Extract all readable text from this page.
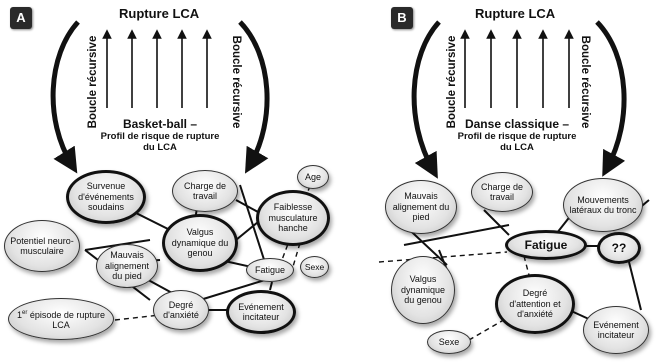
A	Rupture LCA
Boucle récursive	Boucle récursive
Basket-ball –
Profil de risque de rupture
du LCA
Survenue d'événements soudains
Charge de travail
Faiblesse musculature hanche
Age
Potentiel neuro-musculaire
Valgus dynamique du genou
Mauvais alignement du pied
Fatigue	Sexe
1er épisode de rupture LCA
Degré d'anxiété
Evénement incitateur
B	Rupture LCA
Boucle récursive	Boucle récursive
Danse classique –
Profil de risque de rupture
du LCA
Mauvais alignement du pied
Charge de travail	Mouvements latéraux du tronc
Fatigue	??
Valgus dynamique du genou
Degré d'attention et d'anxiété
Sexe
Evénement incitateur
